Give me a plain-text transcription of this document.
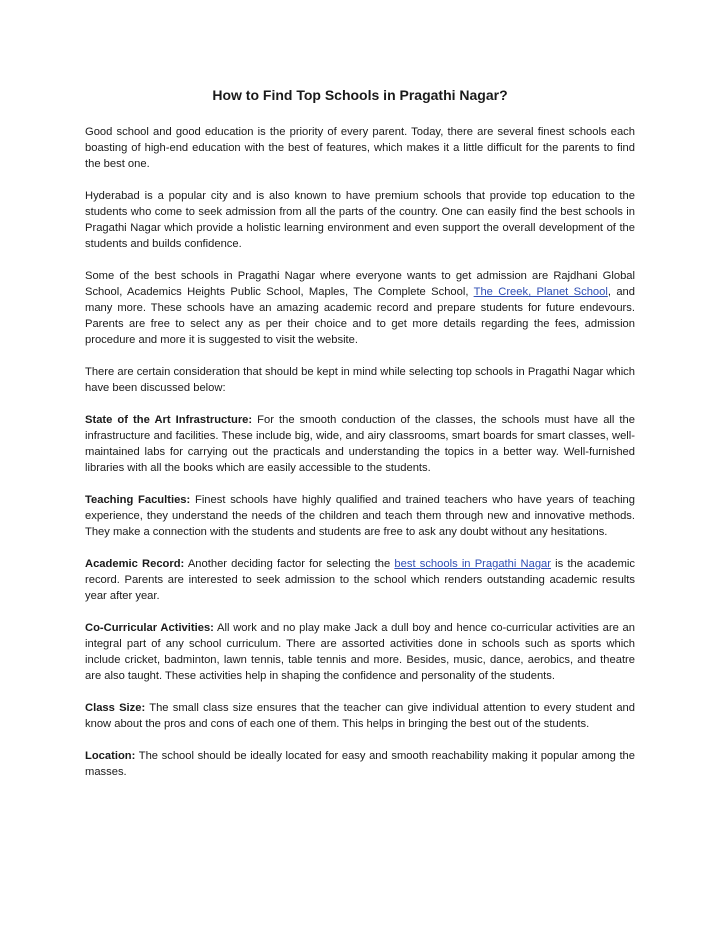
How to Find Top Schools in Pragathi Nagar?

Good school and good education is the priority of every parent. Today, there are several finest schools each boasting of high-end education with the best of features, which makes it a little difficult for the parents to find the best one.

Hyderabad is a popular city and is also known to have premium schools that provide top education to the students who come to seek admission from all the parts of the country. One can easily find the best schools in Pragathi Nagar which provide a holistic learning environment and even support the overall development of the students and builds confidence.

Some of the best schools in Pragathi Nagar where everyone wants to get admission are Rajdhani Global School, Academics Heights Public School, Maples, The Complete School, The Creek, Planet School, and many more. These schools have an amazing academic record and prepare students for future endevours. Parents are free to select any as per their choice and to get more details regarding the fees, admission procedure and more it is suggested to visit the website.

There are certain consideration that should be kept in mind while selecting top schools in Pragathi Nagar which have been discussed below:

State of the Art Infrastructure: For the smooth conduction of the classes, the schools must have all the infrastructure and facilities. These include big, wide, and airy classrooms, smart boards for smart classes, well- maintained labs for carrying out the practicals and understanding the topics in a better way. Well-furnished libraries with all the books which are easily accessible to the students.

Teaching Faculties: Finest schools have highly qualified and trained teachers who have years of teaching experience, they understand the needs of the children and teach them through new and innovative methods. They make a connection with the students and students are free to ask any doubt without any hesitations.

Academic Record: Another deciding factor for selecting the best schools in Pragathi Nagar is the academic record. Parents are interested to seek admission to the school which renders outstanding academic results year after year.

Co-Curricular Activities: All work and no play make Jack a dull boy and hence co-curricular activities are an integral part of any school curriculum. There are assorted activities done in schools such as sports which include cricket, badminton, lawn tennis, table tennis and more. Besides, music, dance, aerobics, and theatre are also taught. These activities help in shaping the confidence and personality of the students.

Class Size: The small class size ensures that the teacher can give individual attention to every student and know about the pros and cons of each one of them. This helps in bringing the best out of the students.

Location: The school should be ideally located for easy and smooth reachability making it popular among the masses.
